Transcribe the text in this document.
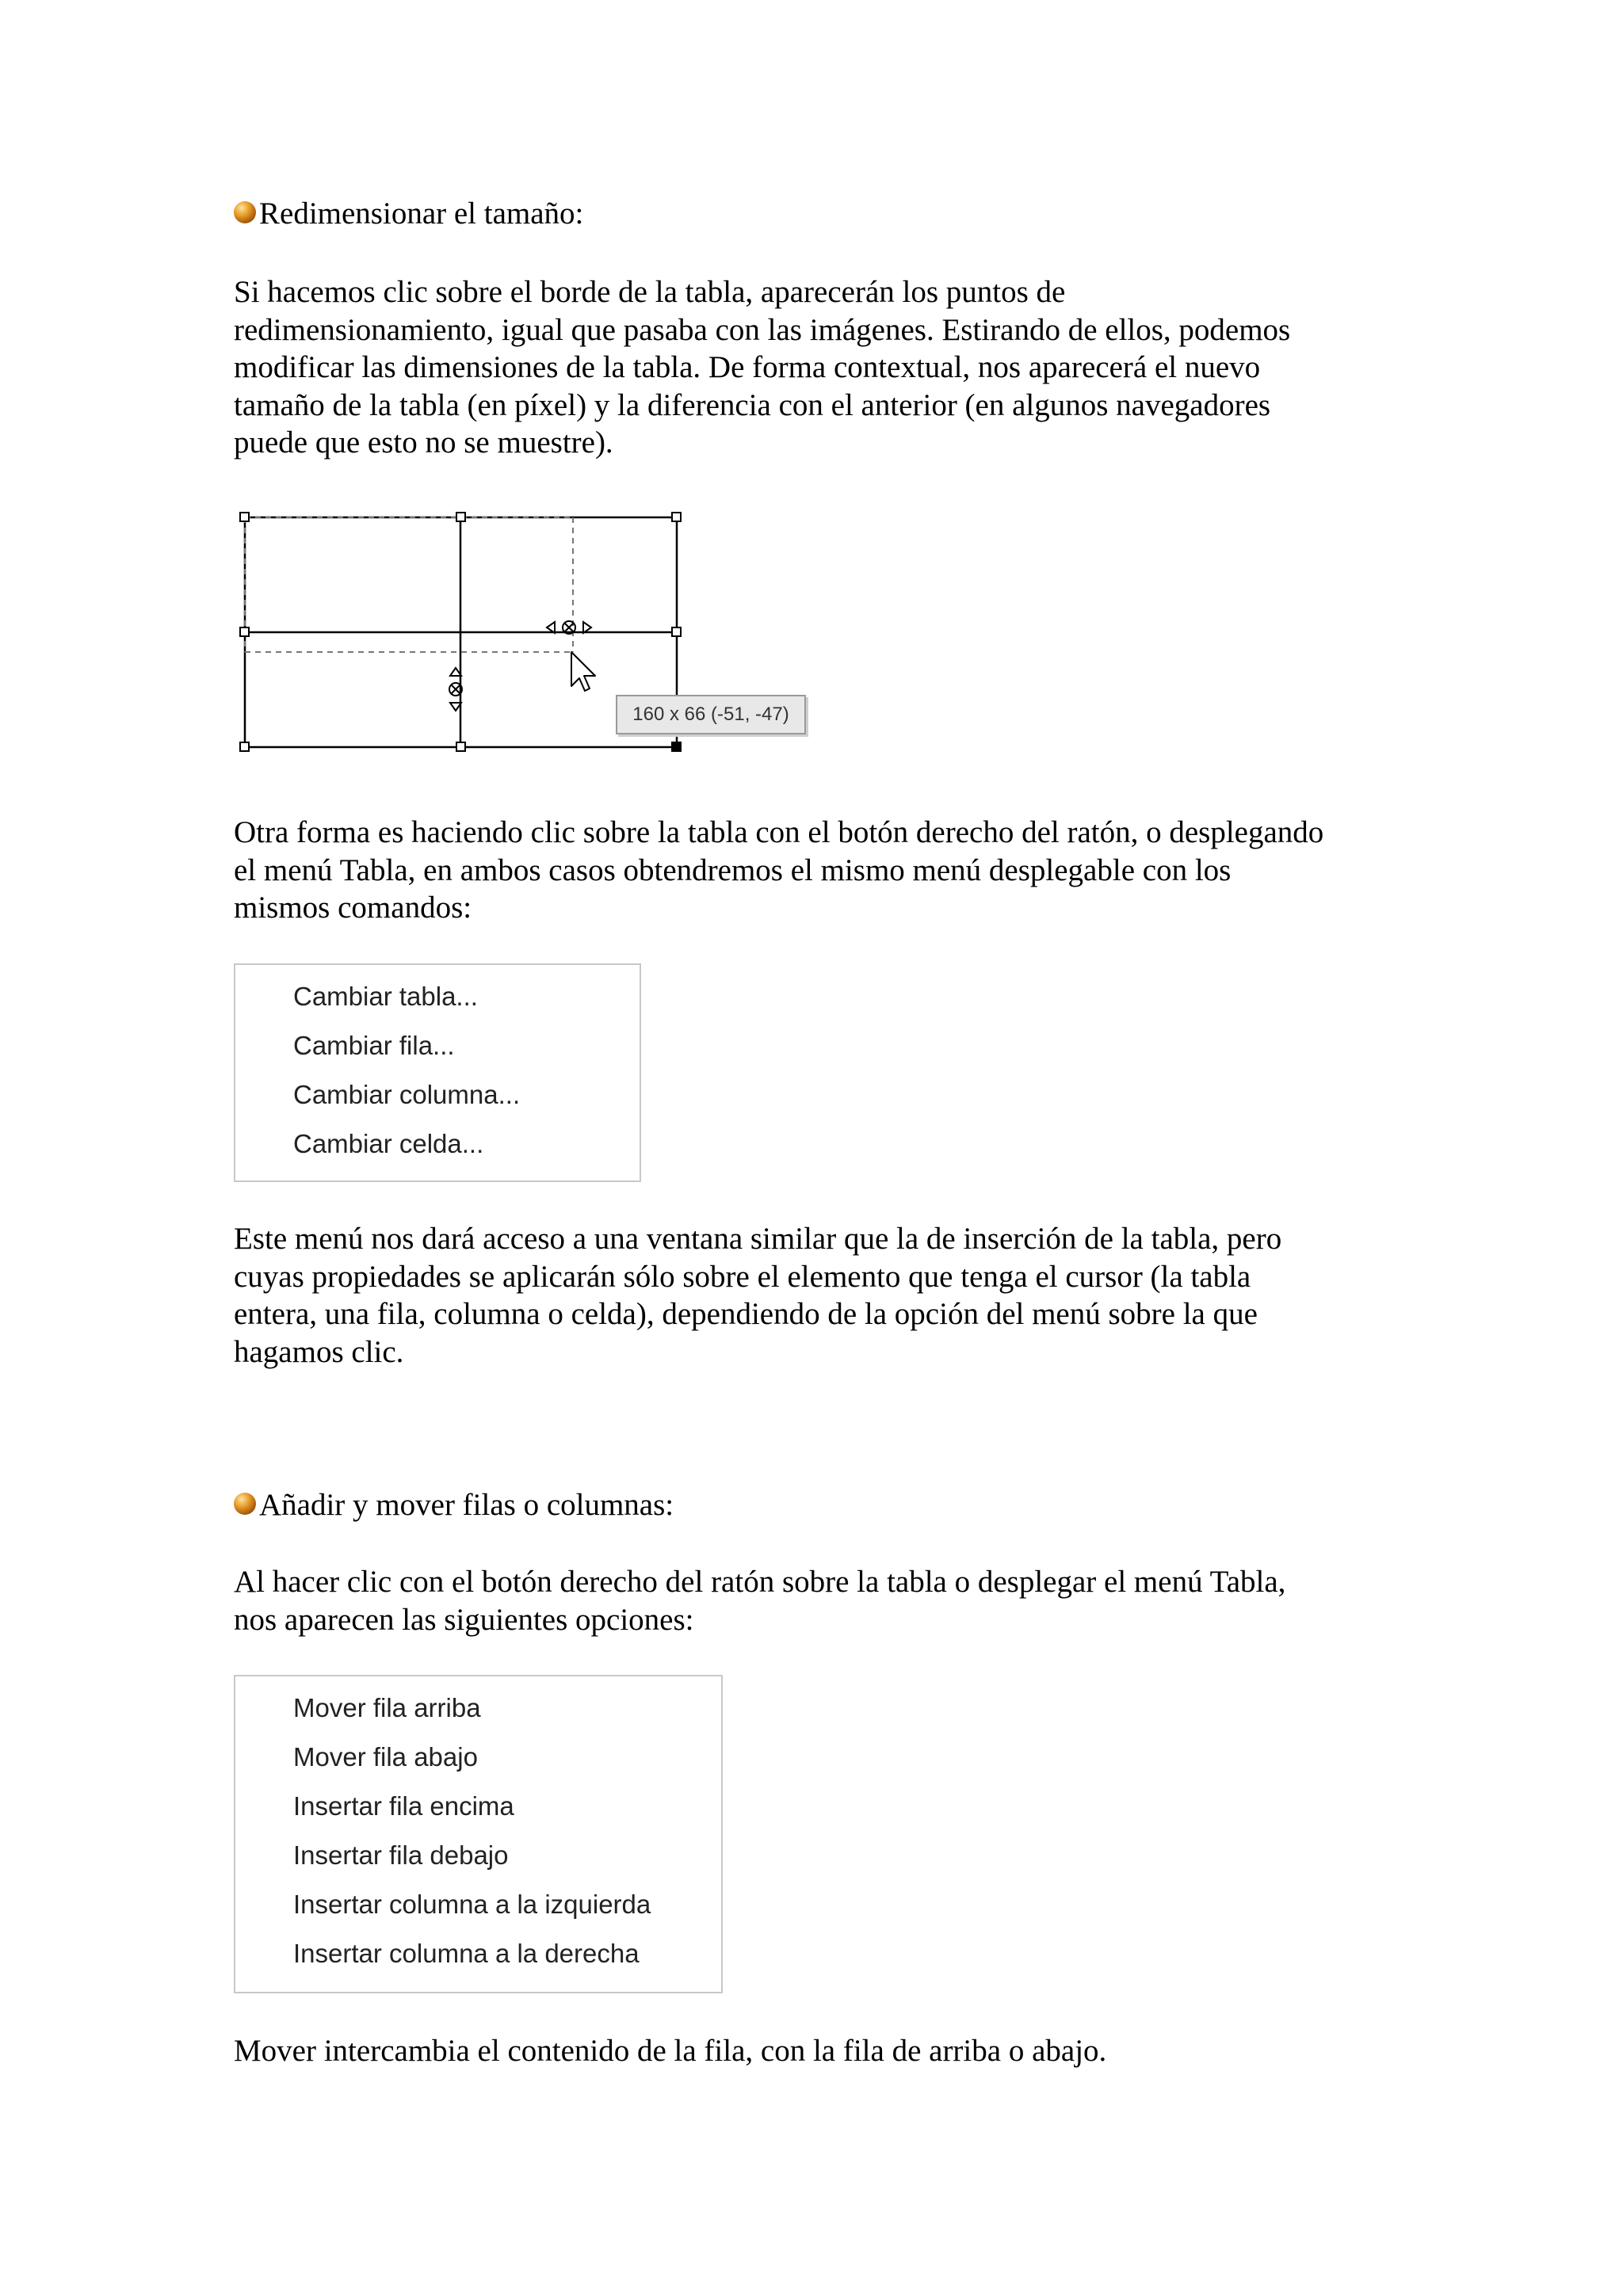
Redimensionar el tamaño:
Si hacemos clic sobre el borde de la tabla, aparecerán los puntos de
redimensionamiento, igual que pasaba con las imágenes. Estirando de ellos, podemos
modificar las dimensiones de la tabla. De forma contextual, nos aparecerá el nuevo
tamaño de la tabla (en píxel) y la diferencia con el anterior (en algunos navegadores
puede que esto no se muestre).
160 x 66 (-51, -47)
Otra forma es haciendo clic sobre la tabla con el botón derecho del ratón, o desplegando
el menú Tabla, en ambos casos obtendremos el mismo menú desplegable con los
mismos comandos:
Cambiar tabla...
Cambiar fila...
Cambiar columna...
Cambiar celda...
Este menú nos dará acceso a una ventana similar que la de inserción de la tabla, pero
cuyas propiedades se aplicarán sólo sobre el elemento que tenga el cursor (la tabla
entera, una fila, columna o celda), dependiendo de la opción del menú sobre la que
hagamos clic.
Añadir y mover filas o columnas:
Al hacer clic con el botón derecho del ratón sobre la tabla o desplegar el menú Tabla,
nos aparecen las siguientes opciones:
Mover fila arriba
Mover fila abajo
Insertar fila encima
Insertar fila debajo
Insertar columna a la izquierda
Insertar columna a la derecha
Mover intercambia el contenido de la fila, con la fila de arriba o abajo.
